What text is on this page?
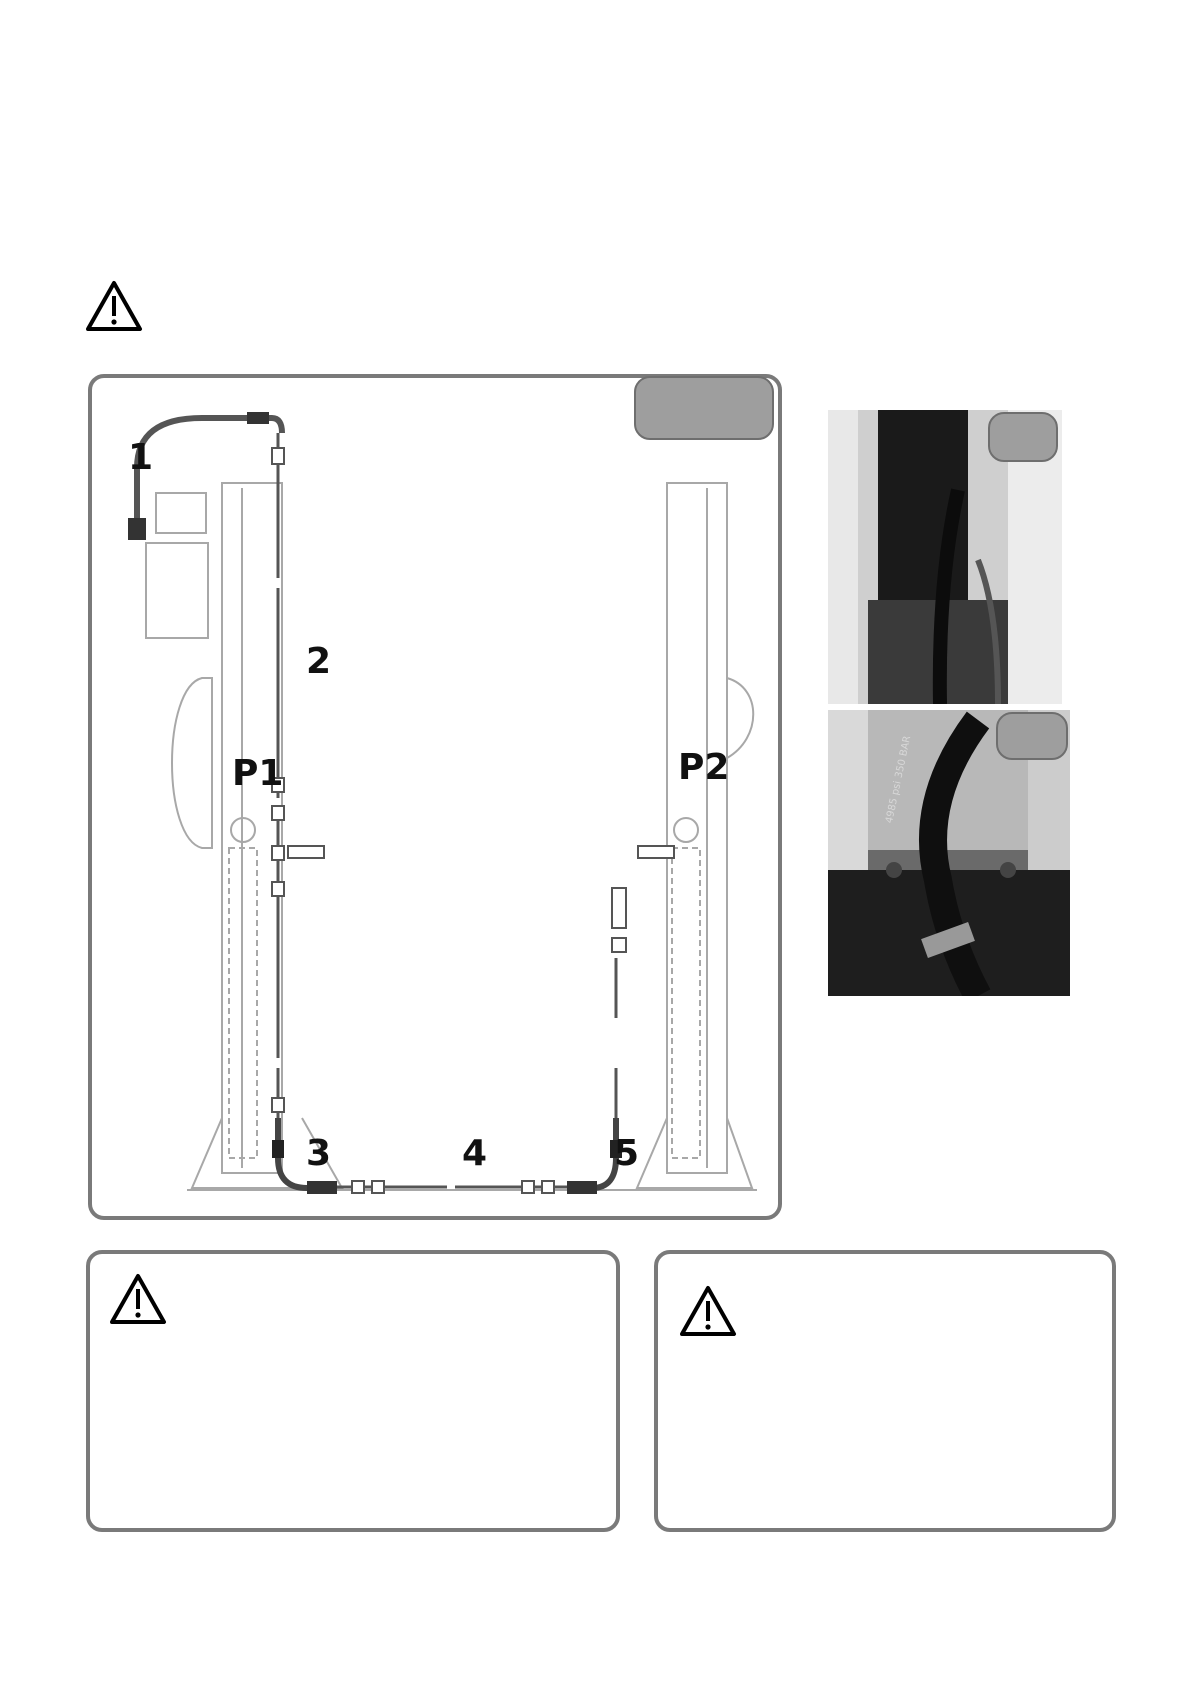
1
2
P1	P2
3	4	5
4985 psi 350 BAR
